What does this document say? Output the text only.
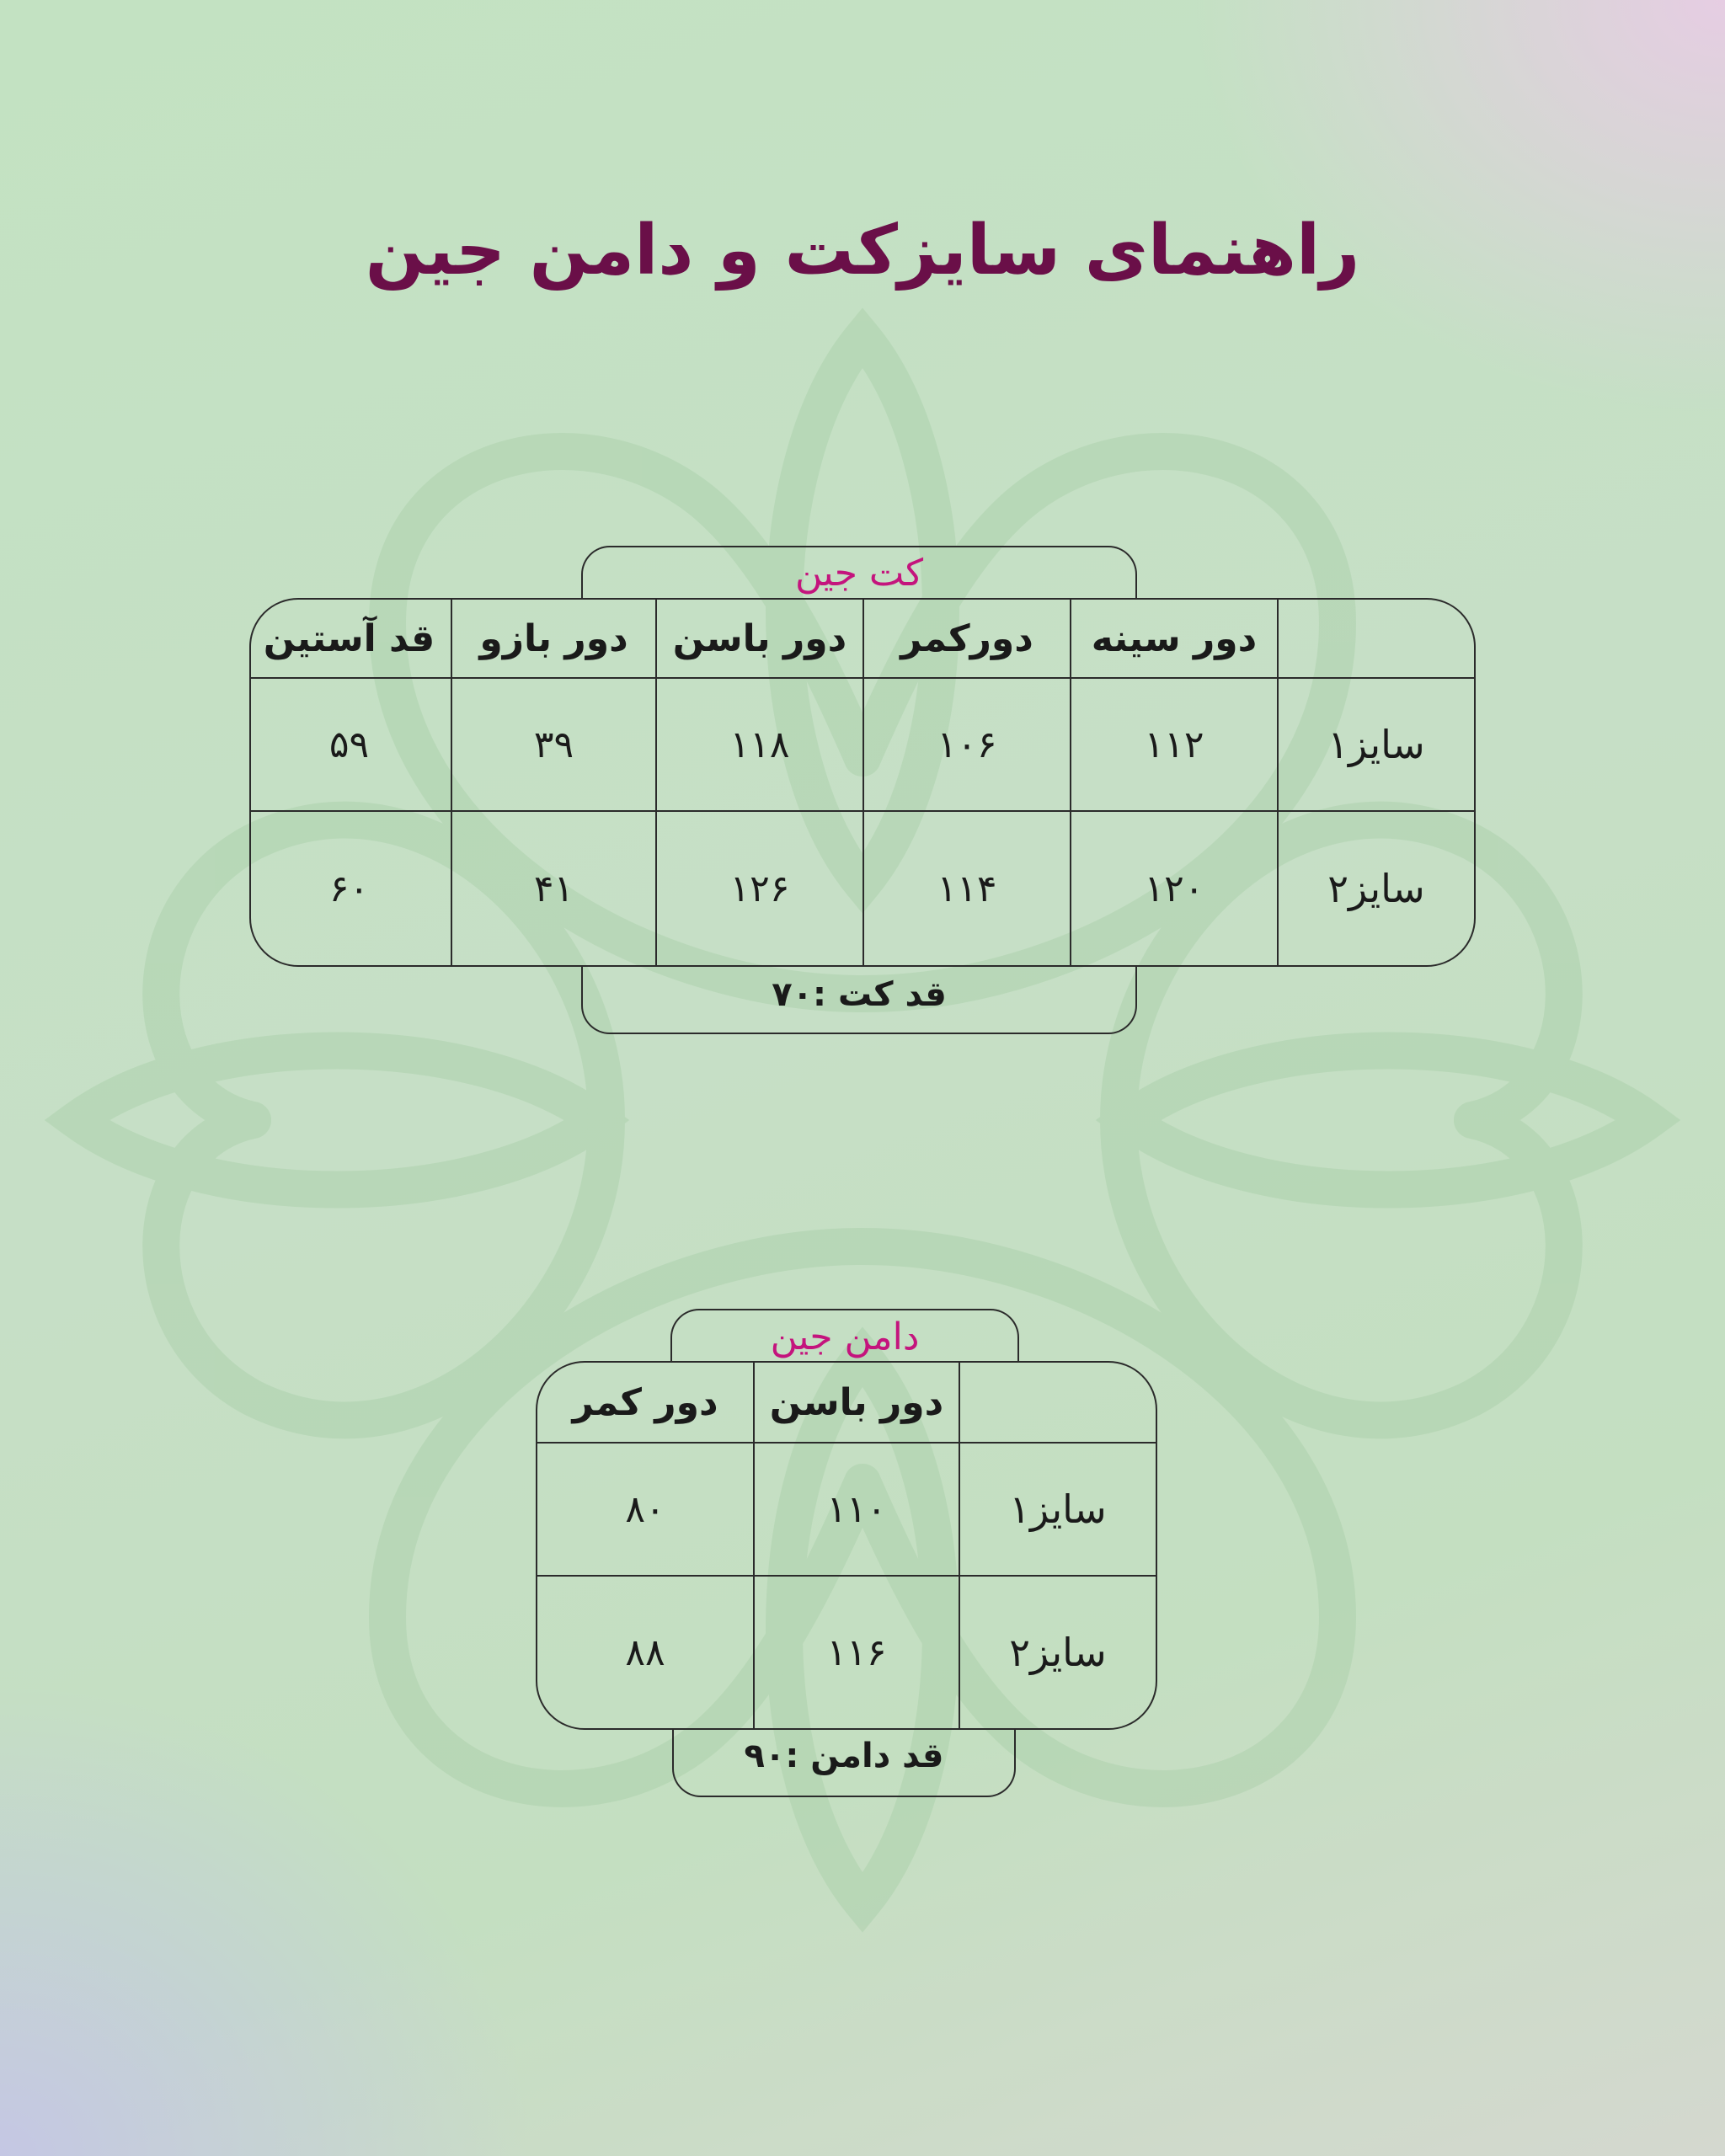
راهنمای سایزکت و دامن جین
کت جین
دور سینه
دورکمر
دور باسن
دور بازو
قد آستین
سایز۱
۱۱۲
۱۰۶
۱۱۸
۳۹
۵۹
سایز۲
۱۲۰
۱۱۴
۱۲۶
۴۱
۶۰
قد کت :۷۰
دامن جین
دور باسن
دور کمر
سایز۱
۱۱۰
۸۰
سایز۲
۱۱۶
۸۸
قد دامن :۹۰
